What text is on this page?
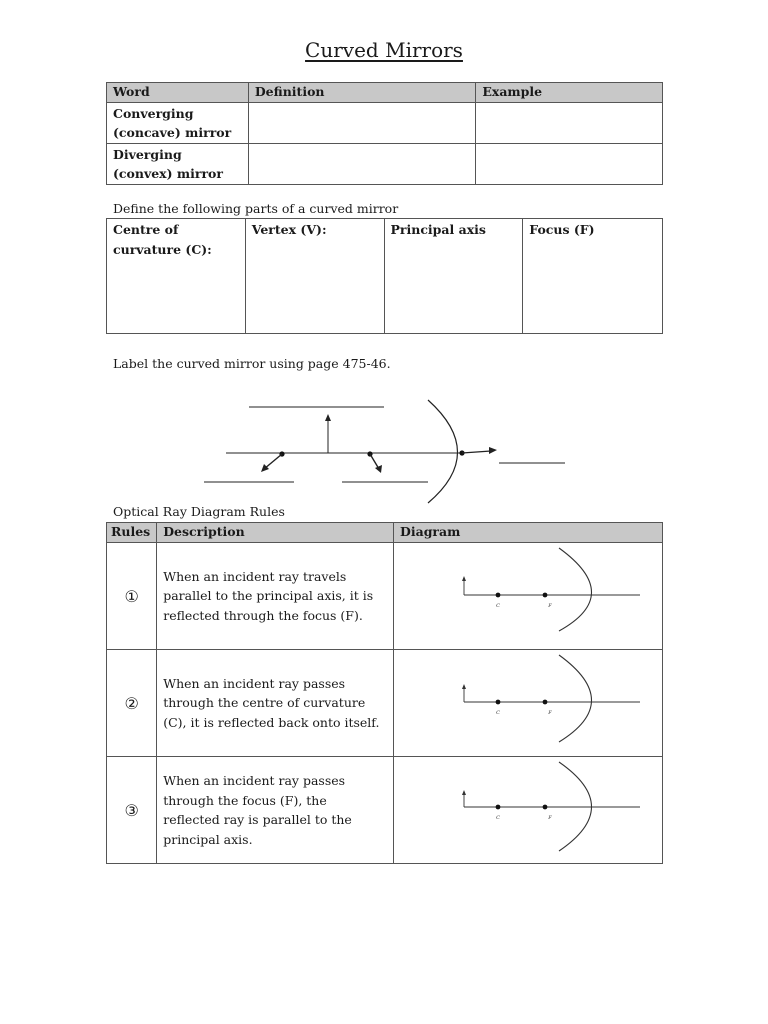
Curved Mirrors
Word	Definition	Example
Converging (concave) mirror		
Diverging (convex) mirror		
Define the following parts of a curved mirror
Centre of curvature (C):	Vertex (V):	Principal axis	Focus (F)
Label the curved mirror using page 475-46.
Optical Ray Diagram Rules
Rules	Description	Diagram
①	When an incident ray travels parallel to the principal axis, it is reflected through the focus (F).	C F

②	When an incident ray passes through the centre of curvature (C), it is reflected back onto itself.	C F

③	When an incident ray passes through the focus (F), the reflected ray is parallel to the principal axis.	C F
